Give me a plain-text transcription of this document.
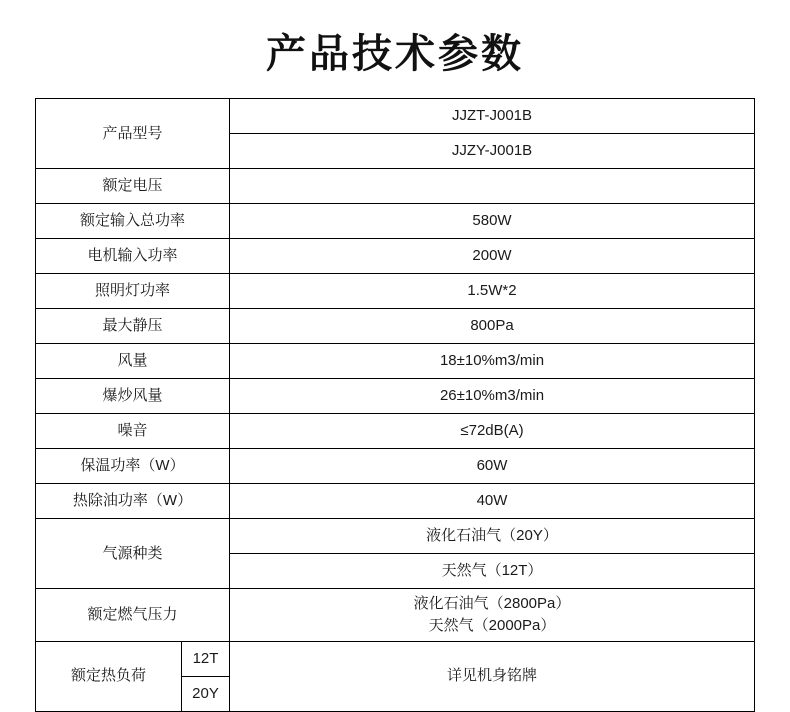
产品技术参数
产品型号		JJZT-J001B
		JJZY-J001B
额定电压		
额定输入总功率		580W
电机输入功率		200W
照明灯功率		1.5W*2
最大静压		800Pa
风量		18±10%m3/min
爆炒风量		26±10%m3/min
噪音		≤72dB(A)
保温功率（W）		60W
热除油功率（W）		40W
气源种类		液化石油气（20Y）
		天然气（12T）
额定燃气压力		液化石油气（2800Pa）
天然气（2000Pa）

额定热负荷	12T	详见机身铭牌
	20Y	
